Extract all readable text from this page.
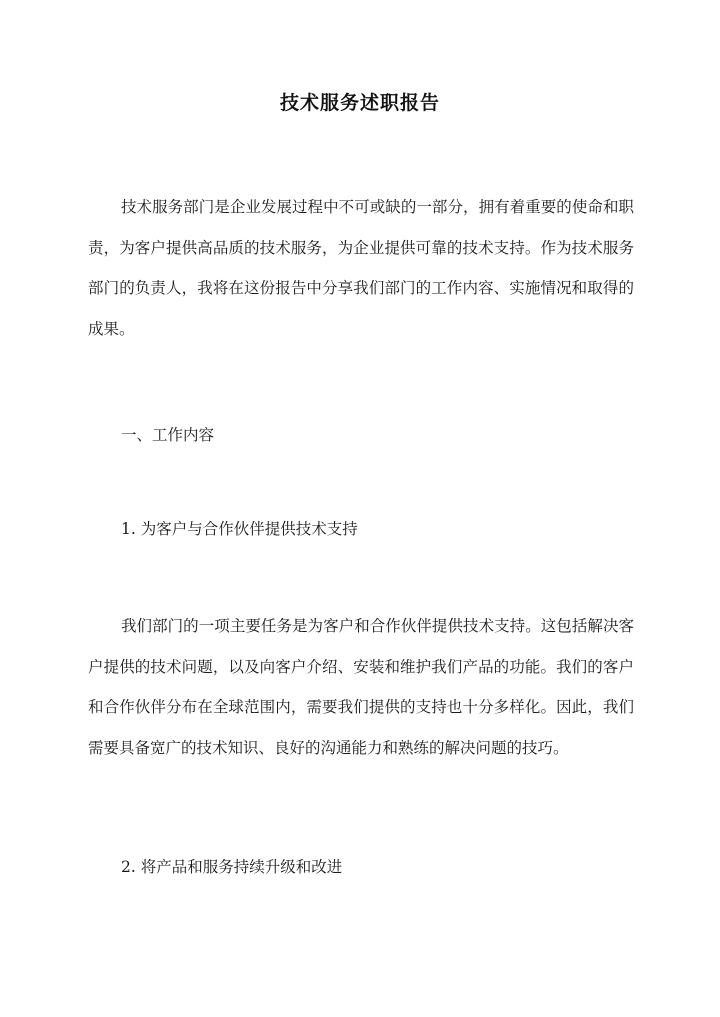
技术服务述职报告
技术服务部门是企业发展过程中不可或缺的一部分，拥有着重要的使命和职责，为客户提供高品质的技术服务，为企业提供可靠的技术支持。作为技术服务部门的负责人，我将在这份报告中分享我们部门的工作内容、实施情况和取得的成果。
一、工作内容
1. 为客户与合作伙伴提供技术支持
我们部门的一项主要任务是为客户和合作伙伴提供技术支持。这包括解决客户提供的技术问题，以及向客户介绍、安装和维护我们产品的功能。我们的客户和合作伙伴分布在全球范围内，需要我们提供的支持也十分多样化。因此，我们需要具备宽广的技术知识、良好的沟通能力和熟练的解决问题的技巧。
2. 将产品和服务持续升级和改进
